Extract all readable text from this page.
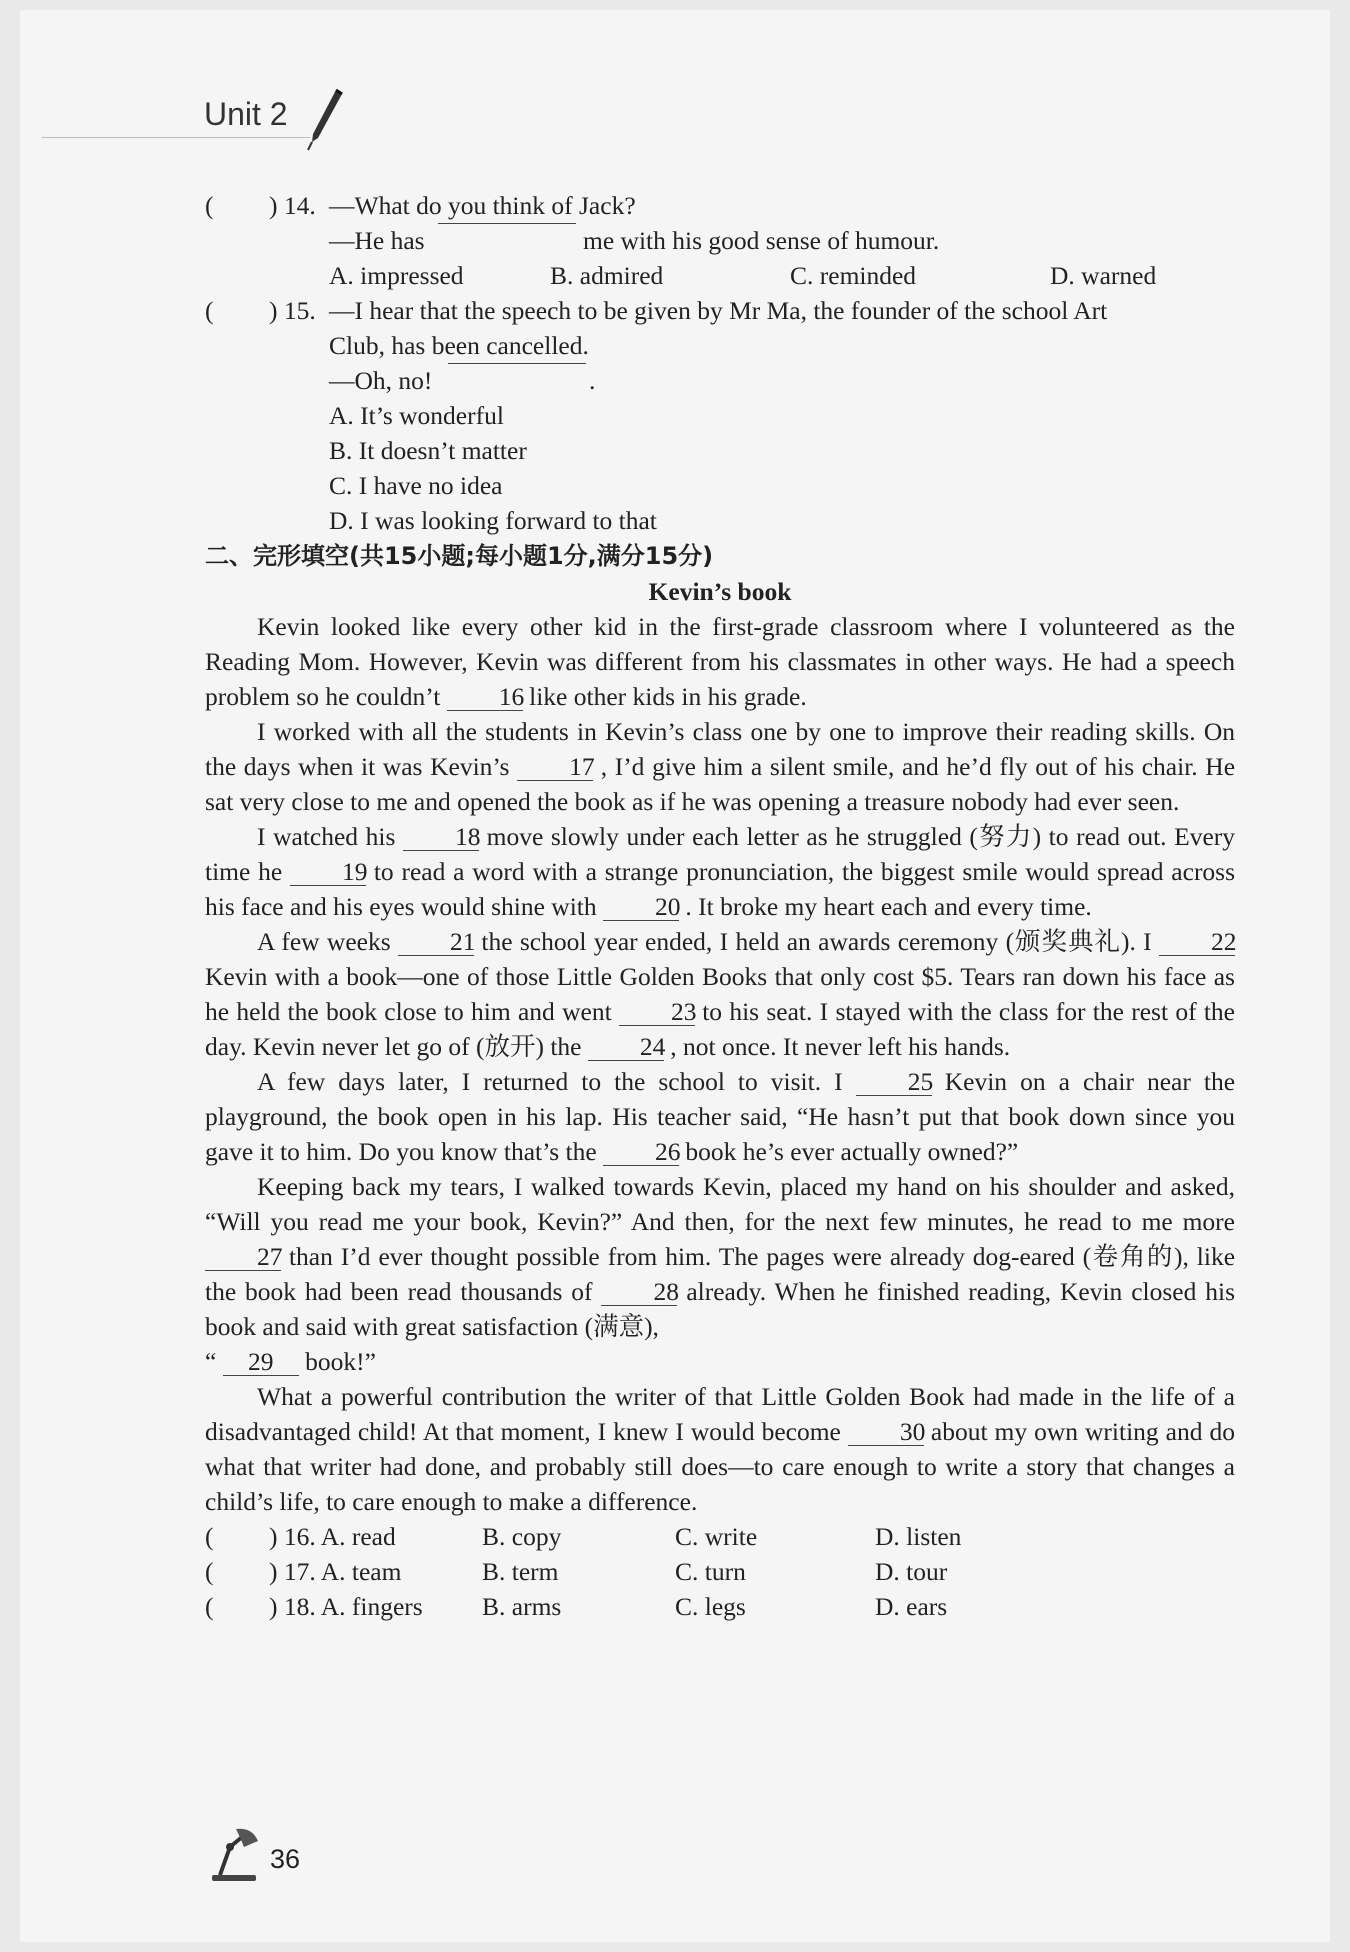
Unit 2
( ) 14. —What do you think of Jack?
—He has	me with his good sense of humour.
A. impressed	B. admired	C. reminded	D. warned
( ) 15. —I hear that the speech to be given by Mr Ma, the founder of the school Art
Club, has been cancelled.
—Oh, no!	.
A. It’s wonderful
B. It doesn’t matter
C. I have no idea
D. I was looking forward to that
二、完形填空(共15小题;每小题1分,满分15分)
Kevin’s book
Kevin looked like every other kid in the first-grade classroom where I volunteered as the Reading Mom. However, Kevin was different from his classmates in other ways. He had a speech problem so he couldn’t 16 like other kids in his grade.
I worked with all the students in Kevin’s class one by one to improve their reading skills. On the days when it was Kevin’s 17 , I’d give him a silent smile, and he’d fly out of his chair. He sat very close to me and opened the book as if he was opening a treasure nobody had ever seen.
I watched his 18 move slowly under each letter as he struggled (努力) to read out. Every time he 19 to read a word with a strange pronunciation, the biggest smile would spread across his face and his eyes would shine with 20 . It broke my heart each and every time.
A few weeks 21 the school year ended, I held an awards ceremony (颁奖典礼). I 22 Kevin with a book—one of those Little Golden Books that only cost $5. Tears ran down his face as he held the book close to him and went 23 to his seat. I stayed with the class for the rest of the day. Kevin never let go of (放开) the 24 , not once. It never left his hands.
A few days later, I returned to the school to visit. I	25 Kevin on a chair near the playground, the book open in his lap. His teacher said, “He hasn’t put that book down since you gave it to him. Do you know that’s the 26 book he’s ever actually owned?”
Keeping back my tears, I walked towards Kevin, placed my hand on his shoulder and asked, “Will you read me your book, Kevin?” And then, for the next few minutes, he read to me more 27 than I’d ever thought possible from him. The pages were already dog-eared (卷角的), like the book had been read thousands of 28 already. When he finished reading, Kevin closed his book and said with great satisfaction (满意),
“ 29 book!”
What a powerful contribution the writer of that Little Golden Book had made in the life of a disadvantaged child! At that moment, I knew I would become 30 about my own writing and do what that writer had done, and probably still does—to care enough to write a story that changes a child’s life, to care enough to make a difference.
( ) 16. A. read	B. copy	C. write	D. listen
( ) 17. A. team	B. term	C. turn	D. tour
( ) 18. A. fingers B. arms	C. legs	D. ears
36
